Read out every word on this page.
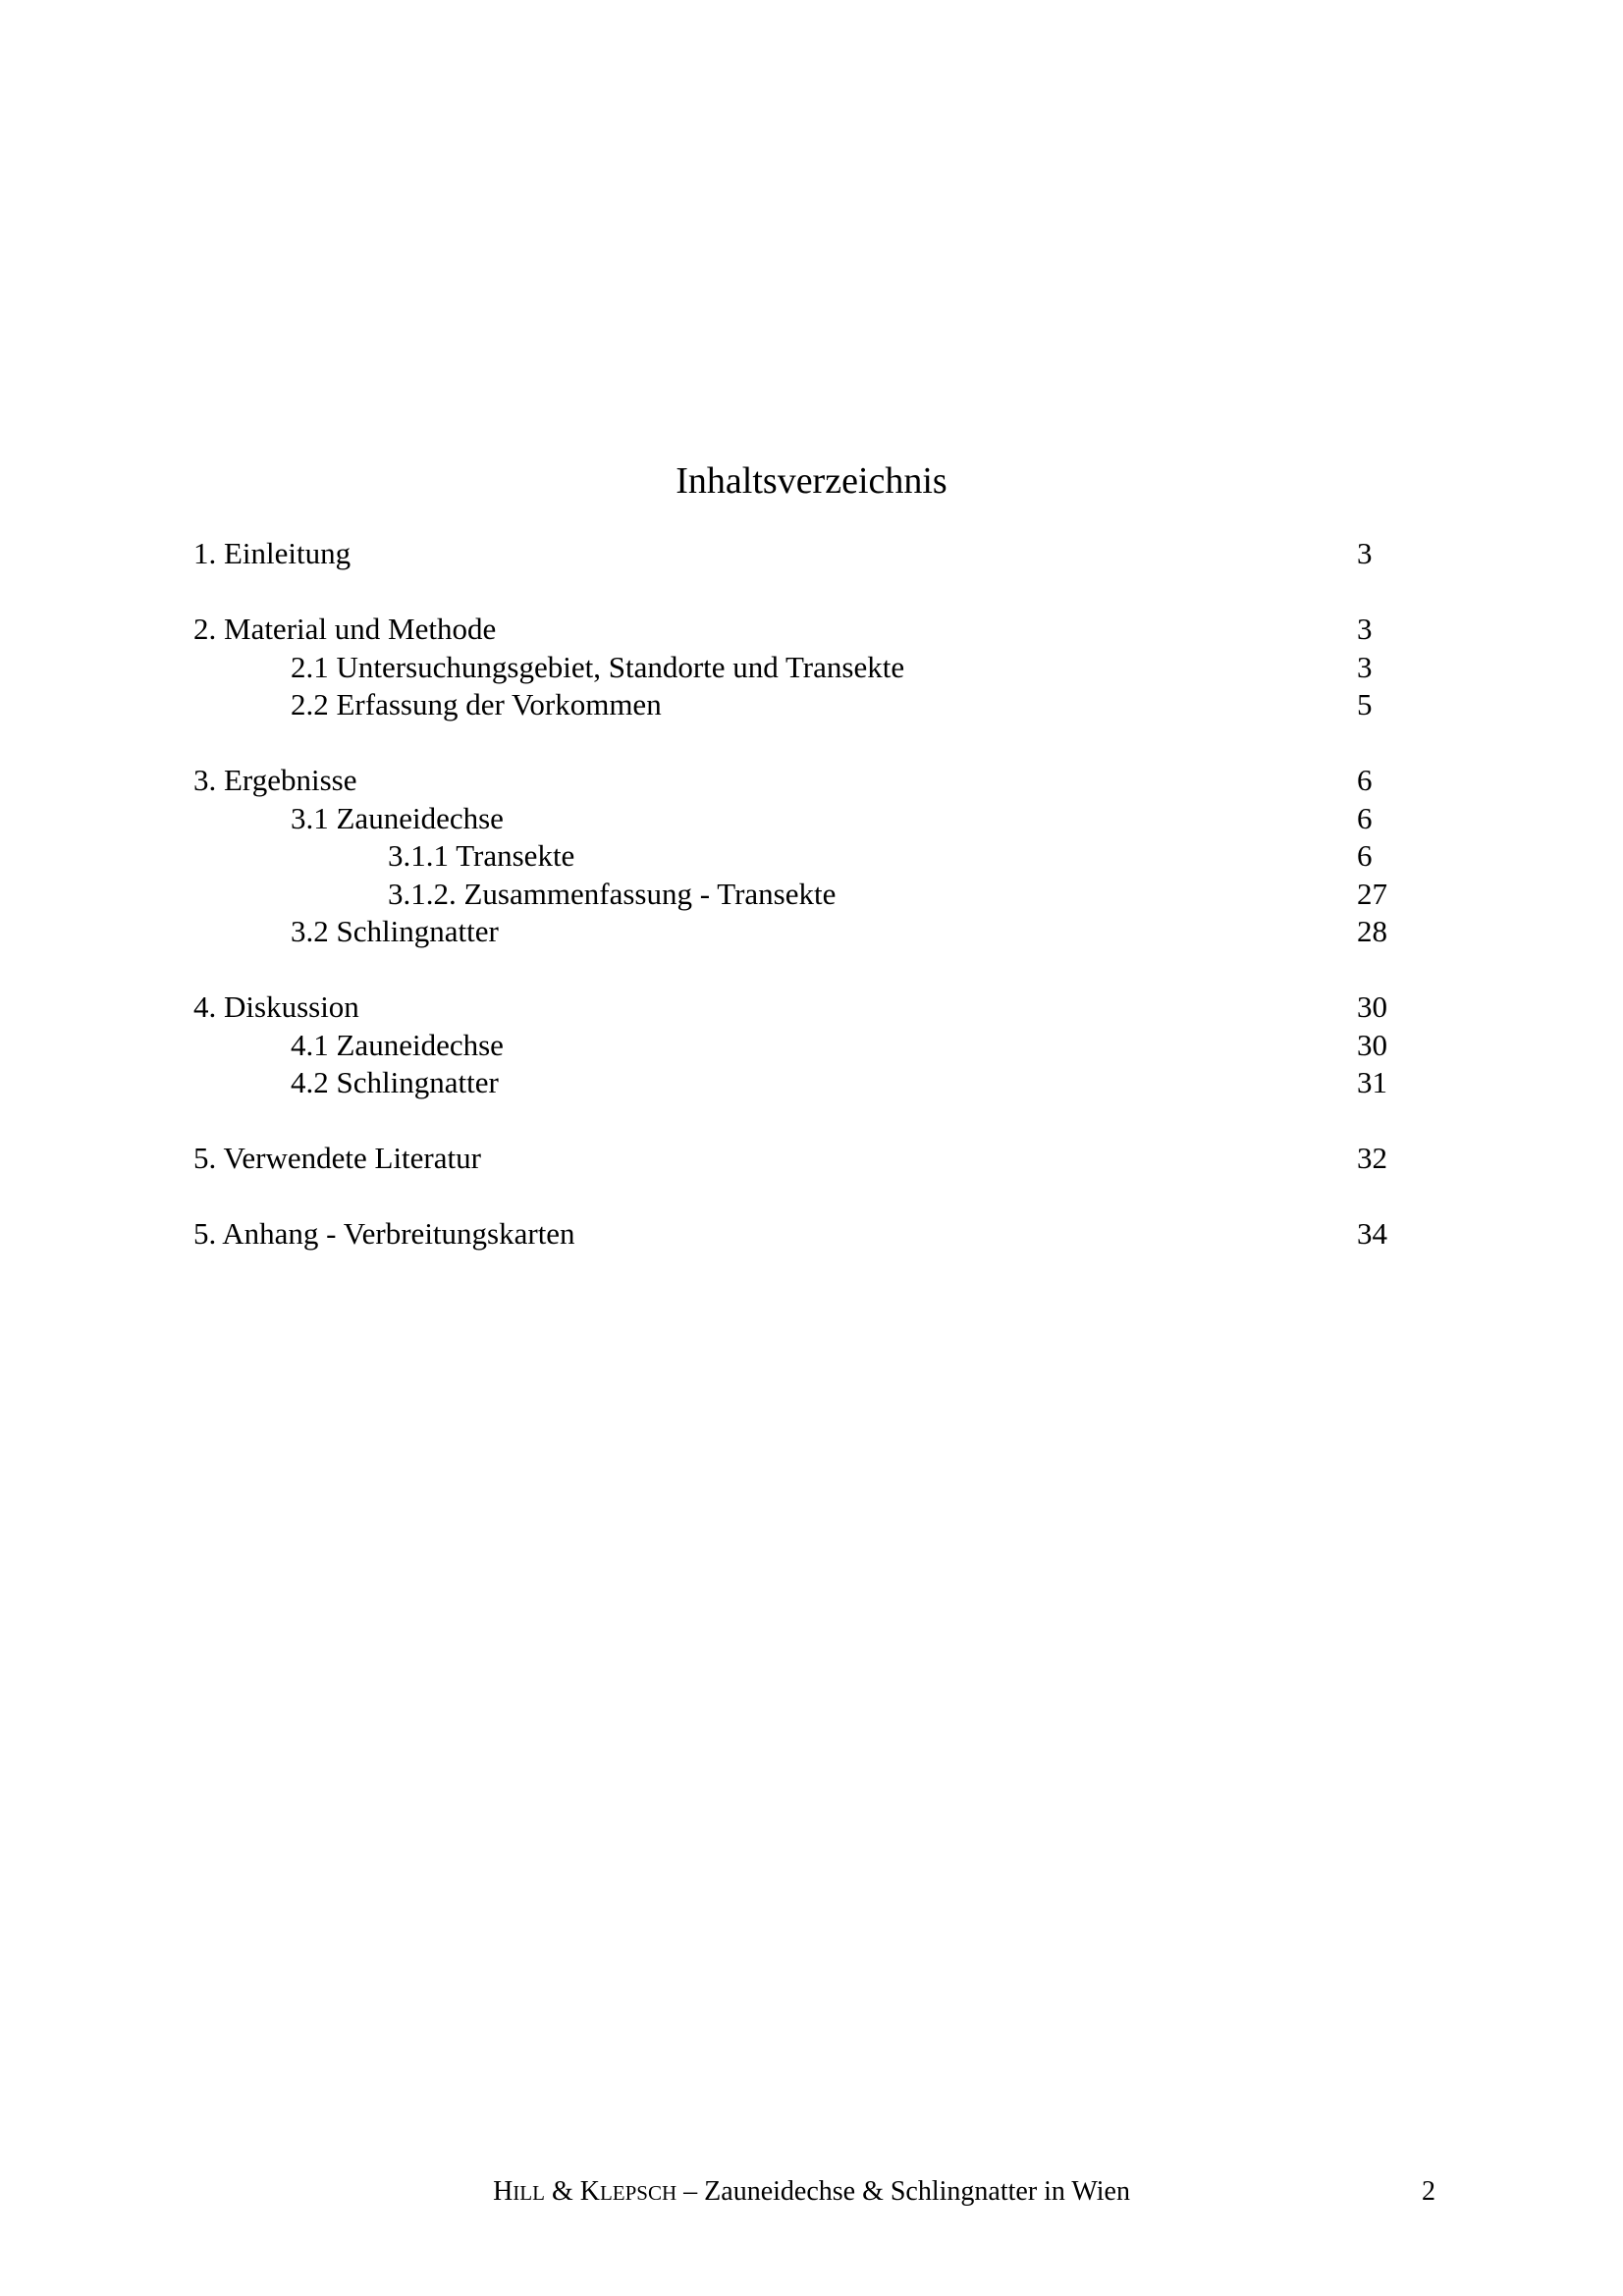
Inhaltsverzeichnis
1. Einleitung	3
2. Material und Methode	3
2.1 Untersuchungsgebiet, Standorte und Transekte	3
2.2 Erfassung der Vorkommen	5
3. Ergebnisse	6
3.1 Zauneidechse	6
3.1.1 Transekte	6
3.1.2. Zusammenfassung - Transekte	27
3.2 Schlingnatter	28
4. Diskussion	30
4.1 Zauneidechse	30
4.2 Schlingnatter	31
5. Verwendete Literatur	32
5. Anhang - Verbreitungskarten	34
HILL & KLEPSCH – Zauneidechse & Schlingnatter in Wien	2
